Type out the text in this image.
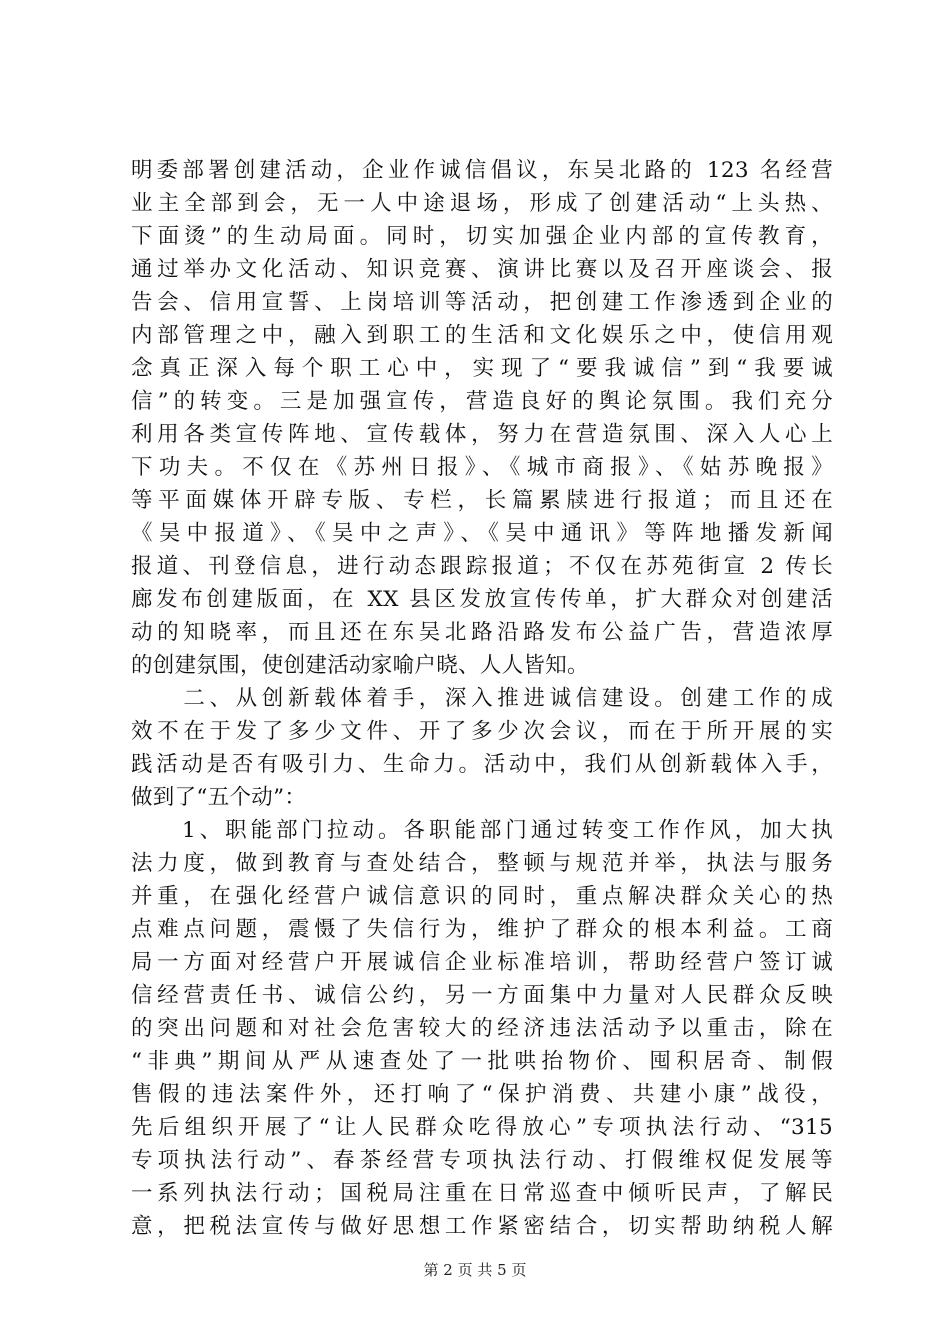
明委部署创建活动，企业作诚信倡议，东吴北路的 123 名经营
业主全部到会，无一人中途退场，形成了创建活动“上头热、
下面烫”的生动局面。同时，切实加强企业内部的宣传教育，
通过举办文化活动、知识竞赛、演讲比赛以及召开座谈会、报
告会、信用宣誓、上岗培训等活动，把创建工作渗透到企业的
内部管理之中，融入到职工的生活和文化娱乐之中，使信用观
念真正深入每个职工心中，实现了“要我诚信”到“我要诚
信”的转变。三是加强宣传，营造良好的舆论氛围。我们充分
利用各类宣传阵地、宣传载体，努力在营造氛围、深入人心上
下功夫。不仅在《苏州日报》、《城市商报》、《姑苏晚报》
等平面媒体开辟专版、专栏，长篇累牍进行报道；而且还在
《吴中报道》、《吴中之声》、《吴中通讯》等阵地播发新闻
报道、刊登信息，进行动态跟踪报道；不仅在苏苑街宣 2 传长
廊发布创建版面，在 XX 县区发放宣传传单，扩大群众对创建活
动的知晓率，而且还在东吴北路沿路发布公益广告，营造浓厚
的创建氛围，使创建活动家喻户晓、人人皆知。
　　二、从创新载体着手，深入推进诚信建设。创建工作的成
效不在于发了多少文件、开了多少次会议，而在于所开展的实
践活动是否有吸引力、生命力。活动中，我们从创新载体入手，
做到了“五个动”：
　　1、职能部门拉动。各职能部门通过转变工作作风，加大执
法力度，做到教育与查处结合，整顿与规范并举，执法与服务
并重，在强化经营户诚信意识的同时，重点解决群众关心的热
点难点问题，震慑了失信行为，维护了群众的根本利益。工商
局一方面对经营户开展诚信企业标准培训，帮助经营户签订诚
信经营责任书、诚信公约，另一方面集中力量对人民群众反映
的突出问题和对社会危害较大的经济违法活动予以重击，除在
“非典”期间从严从速查处了一批哄抬物价、囤积居奇、制假
售假的违法案件外，还打响了“保护消费、共建小康”战役，
先后组织开展了“让人民群众吃得放心”专项执法行动、“315
专项执法行动”、春茶经营专项执法行动、打假维权促发展等
一系列执法行动；国税局注重在日常巡查中倾听民声，了解民
意，把税法宣传与做好思想工作紧密结合，切实帮助纳税人解
第 2 页 共 5 页
